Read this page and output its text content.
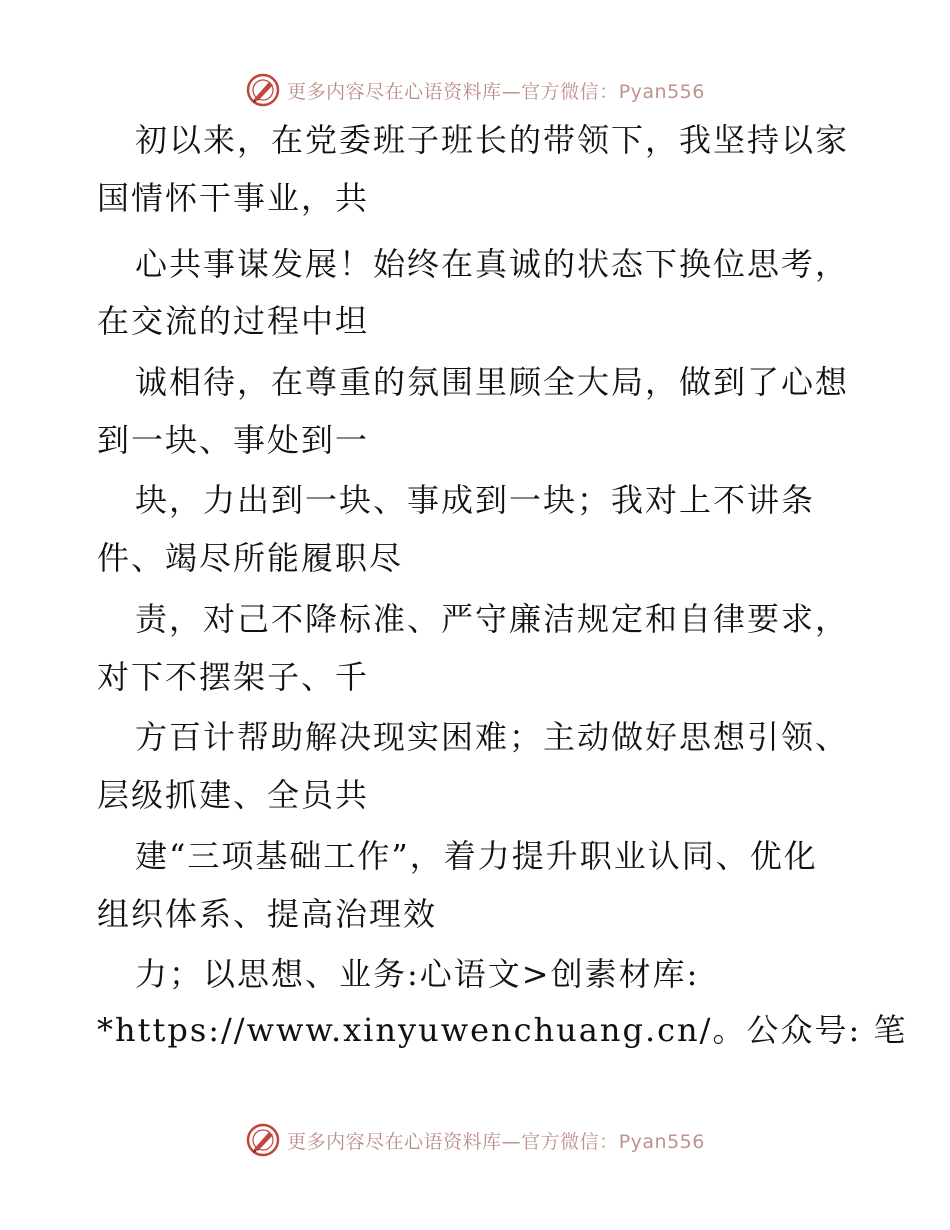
更多内容尽在心语资料库—官方微信：Pyan556
初以来，在党委班子班长的带领下，我坚持以家
国情怀干事业，共
心共事谋发展！始终在真诚的状态下换位思考，
在交流的过程中坦
诚相待，在尊重的氛围里顾全大局，做到了心想
到一块、事处到一
块，力出到一块、事成到一块；我对上不讲条
件、竭尽所能履职尽
责，对己不降标准、严守廉洁规定和自律要求，
对下不摆架子、千
方百计帮助解决现实困难；主动做好思想引领、
层级抓建、全员共
建“三项基础工作”，着力提升职业认同、优化
组织体系、提高治理效
力；以思想、业务:心语文>创素材库:
*https://www.xinyuwenchuang.cn/。公众号: 笔
更多内容尽在心语资料库—官方微信：Pyan556
